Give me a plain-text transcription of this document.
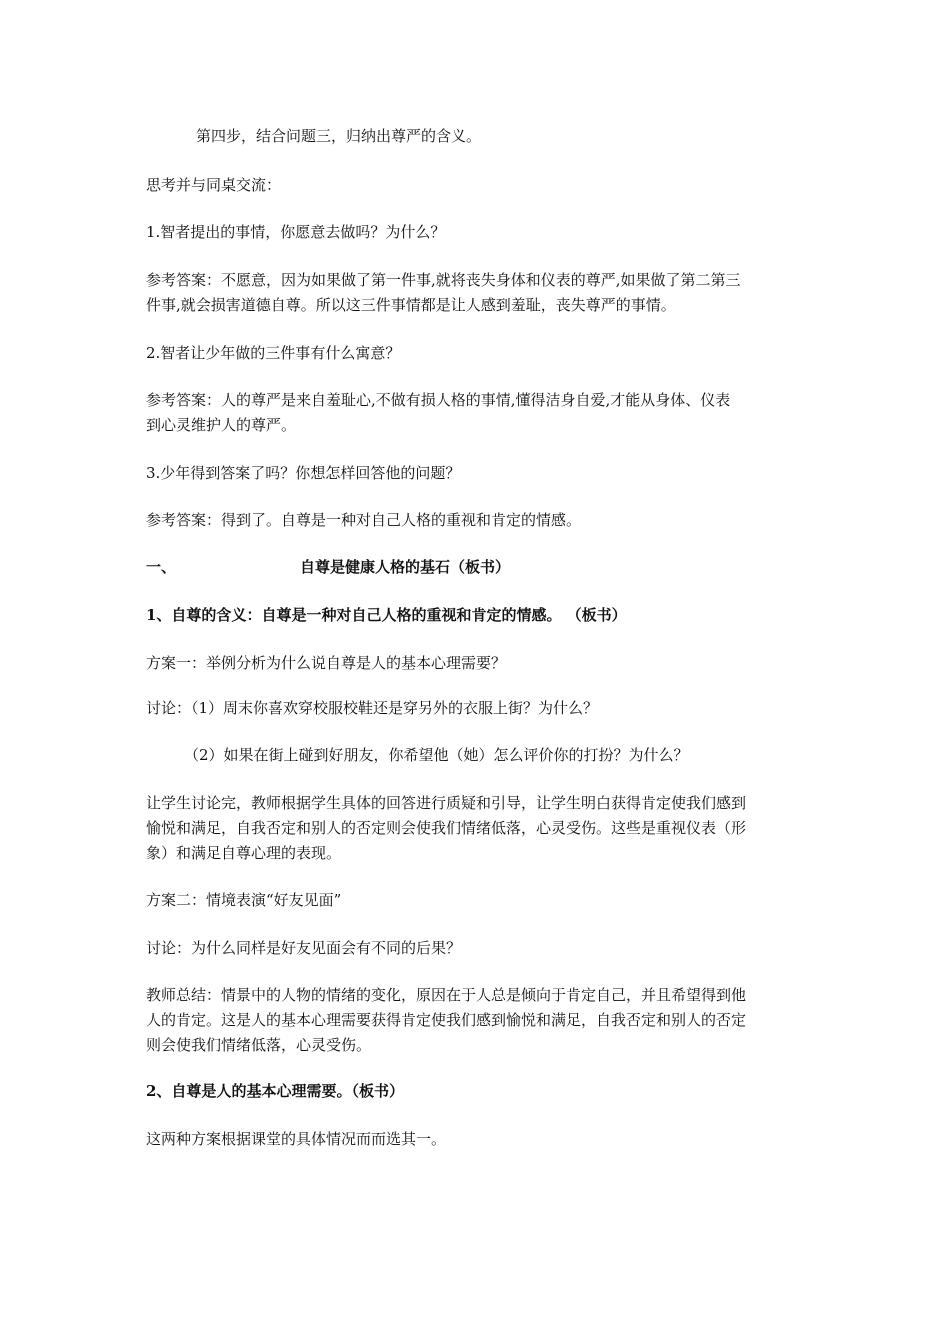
第四步，结合问题三，归纳出尊严的含义。
思考并与同桌交流：
1.智者提出的事情，你愿意去做吗？为什么？
参考答案：不愿意，因为如果做了第一件事,就将丧失身体和仪表的尊严,如果做了第二第三
件事,就会损害道德自尊。所以这三件事情都是让人感到羞耻，丧失尊严的事情。
2.智者让少年做的三件事有什么寓意？
参考答案：人的尊严是来自羞耻心,不做有损人格的事情,懂得洁身自爱,才能从身体、仪表
到心灵维护人的尊严。
3.少年得到答案了吗？你想怎样回答他的问题？
参考答案：得到了。自尊是一种对自己人格的重视和肯定的情感。
一、	自尊是健康人格的基石（板书）
1、自尊的含义：自尊是一种对自己人格的重视和肯定的情感。 （板书）
方案一：举例分析为什么说自尊是人的基本心理需要？
讨论：（1）周末你喜欢穿校服校鞋还是穿另外的衣服上街？为什么？
（2）如果在街上碰到好朋友，你希望他（她）怎么评价你的打扮？为什么？
让学生讨论完，教师根据学生具体的回答进行质疑和引导，让学生明白获得肯定使我们感到
愉悦和满足，自我否定和别人的否定则会使我们情绪低落，心灵受伤。这些是重视仪表（形
象）和满足自尊心理的表现。
方案二：情境表演“好友见面”
讨论：为什么同样是好友见面会有不同的后果？
教师总结：情景中的人物的情绪的变化，原因在于人总是倾向于肯定自己，并且希望得到他
人的肯定。这是人的基本心理需要获得肯定使我们感到愉悦和满足，自我否定和别人的否定
则会使我们情绪低落，心灵受伤。
2、自尊是人的基本心理需要。（板书）
这两种方案根据课堂的具体情况而而选其一。
